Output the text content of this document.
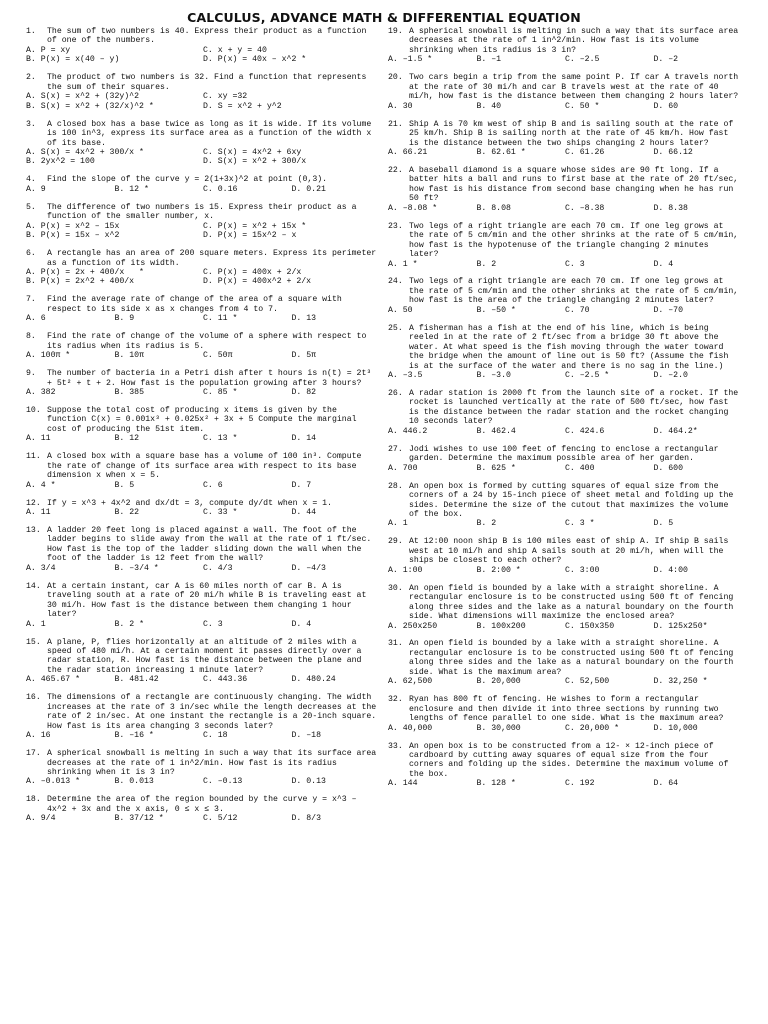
CALCULUS, ADVANCE MATH & DIFFERENTIAL EQUATION
1.	The sum of two numbers is 40. Express their product as a function of one of the numbers.
A. P = xy	C. x + y = 40
B. P(x) = x(40 – y)	D. P(x) = 40x – x^2 *
2.	The product of two numbers is 32. Find a function that represents the sum of their squares.
A. S(x) = x^2 + (32y)^2	C. xy =32
B. S(x) = x^2 + (32/x)^2 *	D. S = x^2 + y^2
3.	A closed box has a base twice as long as it is wide. If its volume is 100 in^3, express its surface area as a function of the width x of its base.
A. S(x) = 4x^2 + 300/x *	C. S(x) = 4x^2 + 6xy
B. 2yx^2 = 100	D. S(x) = x^2 + 300/x
4.	Find the slope of the curve y = 2(1+3x)^2 at point (0,3).
A. 9	B. 12 *	C. 0.16	D. 0.21
5.	The difference of two numbers is 15. Express their product as a function of the smaller number, x.
A. P(x) = x^2 – 15x	C. P(x) = x^2 + 15x *
B. P(x) = 15x – x^2	D. P(x) = 15x^2 – x
6.	A rectangle has an area of 200 square meters. Express its perimeter as a function of its width.
A. P(x) = 2x + 400/x   *	C. P(x) = 400x + 2/x
B. P(x) = 2x^2 + 400/x	D. P(x) = 400x^2 + 2/x
7.	Find the average rate of change of the area of a square with respect to its side x as x changes from 4 to 7.
A. 6	B. 9	C. 11 *	D. 13
8.	Find the rate of change of the volume of a sphere with respect to its radius when its radius is 5.
A. 100π *	B. 10π	C. 50π	D. 5π
9.	The number of bacteria in a Petri dish after t hours is n(t) = 2t³ + 5t² + t + 2. How fast is the population growing after 3 hours?
A. 382	B. 385	C. 85 *	D. 82
10. Suppose the total cost of producing x items is given by the function C(x) = 0.001x³ + 0.025x² + 3x + 5 Compute the marginal cost of producing the 51st item.
A. 11	B. 12	C. 13 *	D. 14
11. A closed box with a square base has a volume of 100 in³. Compute the rate of change of its surface area with respect to its base dimension x when x = 5.
A. 4 *	B. 5	C. 6	D. 7
12. If y = x^3 + 4x^2 and dx/dt = 3, compute dy/dt when x = 1.
A. 11	B. 22	C. 33 *	D. 44
13. A ladder 20 feet long is placed against a wall. The foot of the ladder begins to slide away from the wall at the rate of 1 ft/sec. How fast is the top of the ladder sliding down the wall when the foot of the ladder is 12 feet from the wall?
A. 3/4	B. –3/4 *	C. 4/3	D. –4/3
14. At a certain instant, car A is 60 miles north of car B. A is traveling south at a rate of 20 mi/h while B is traveling east at 30 mi/h. How fast is the distance between them changing 1 hour later?
A. 1	B. 2 *	C. 3	D. 4
15. A plane, P, flies horizontally at an altitude of 2 miles with a speed of 480 mi/h. At a certain moment it passes directly over a radar station, R. How fast is the distance between the plane and the radar station increasing 1 minute later?
A. 465.67 *	B. 481.42	C. 443.36	D. 480.24
16. The dimensions of a rectangle are continuously changing. The width increases at the rate of 3 in/sec while the length decreases at the rate of 2 in/sec. At one instant the rectangle is a 20-inch square. How fast is its area changing 3 seconds later?
A. 16	B. –16 *	C. 18	D. –18
17. A spherical snowball is melting in such a way that its surface area decreases at the rate of 1 in^2/min. How fast is its radius shrinking when it is 3 in?
A. –0.013 *	B. 0.013	C. –0.13	D. 0.13
18. Determine the area of the region bounded by the curve y = x^3 – 4x^2 + 3x and the x axis, 0 ≤ x ≤ 3.
A. 9/4	B. 37/12 *	C. 5/12	D. 8/3
19. A spherical snowball is melting in such a way that its surface area decreases at the rate of 1 in^2/min. How fast is its volume shrinking when its radius is 3 in?
A. –1.5 *	B. –1	C. –2.5	D. –2
20. Two cars begin a trip from the same point P. If car A travels north at the rate of 30 mi/h and car B travels west at the rate of 40 mi/h, how fast is the distance between them changing 2 hours later?
A. 30	B. 40	C. 50 *	D. 60
21. Ship A is 70 km west of ship B and is sailing south at the rate of 25 km/h. Ship B is sailing north at the rate of 45 km/h. How fast is the distance between the two ships changing 2 hours later?
A. 66.21	B. 62.61 *	C. 61.26	D. 66.12
22. A baseball diamond is a square whose sides are 90 ft long. If a batter hits a ball and runs to first base at the rate of 20 ft/sec, how fast is his distance from second base changing when he has run 50 ft?
A. –8.08 *	B. 8.08	C. –8.38	D. 8.38
23. Two legs of a right triangle are each 70 cm. If one leg grows at the rate of 5 cm/min and the other shrinks at the rate of 5 cm/min, how fast is the hypotenuse of the triangle changing 2 minutes later?
A. 1 *	B. 2	C. 3	D. 4
24. Two legs of a right triangle are each 70 cm. If one leg grows at the rate of 5 cm/min and the other shrinks at the rate of 5 cm/min, how fast is the area of the triangle changing 2 minutes later?
A. 50	B. –50 *	C. 70	D. –70
25. A fisherman has a fish at the end of his line, which is being reeled in at the rate of 2 ft/sec from a bridge 30 ft above the water. At what speed is the fish moving through the water toward the bridge when the amount of line out is 50 ft? (Assume the fish is at the surface of the water and there is no sag in the line.)
A. –3.5	B. –3.0	C. –2.5 *	D. –2.0
26. A radar station is 2000 ft from the launch site of a rocket. If the rocket is launched vertically at the rate of 500 ft/sec, how fast is the distance between the radar station and the rocket changing 10 seconds later?
A. 446.2	B. 462.4	C. 424.6	D. 464.2*
27. Jodi wishes to use 100 feet of fencing to enclose a rectangular garden. Determine the maximum possible area of her garden.
A. 700	B. 625 *	C. 400	D. 600
28. An open box is formed by cutting squares of equal size from the corners of a 24 by 15-inch piece of sheet metal and folding up the sides. Determine the size of the cutout that maximizes the volume of the box.
A. 1	B. 2	C. 3 *	D. 5
29. At 12:00 noon ship B is 100 miles east of ship A. If ship B sails west at 10 mi/h and ship A sails south at 20 mi/h, when will the ships be closest to each other?
A. 1:00	B. 2:00 *	C. 3:00	D. 4:00
30. An open field is bounded by a lake with a straight shoreline. A rectangular enclosure is to be constructed using 500 ft of fencing along three sides and the lake as a natural boundary on the fourth side. What dimensions will maximize the enclosed area?
A. 250x250	B. 100x200	C. 150x350	D. 125x250*
31. An open field is bounded by a lake with a straight shoreline. A rectangular enclosure is to be constructed using 500 ft of fencing along three sides and the lake as a natural boundary on the fourth side. What is the maximum area?
A. 62,500	B. 20,000	C. 52,500	D. 32,250 *
32. Ryan has 800 ft of fencing. He wishes to form a rectangular enclosure and then divide it into three sections by running two lengths of fence parallel to one side. What is the maximum area?
A. 40,000	B. 30,000	C. 20,000 *	D. 10,000
33. An open box is to be constructed from a 12- × 12-inch piece of cardboard by cutting away squares of equal size from the four corners and folding up the sides. Determine the maximum volume of the box.
A. 144	B. 128 *	C. 192	D. 64
